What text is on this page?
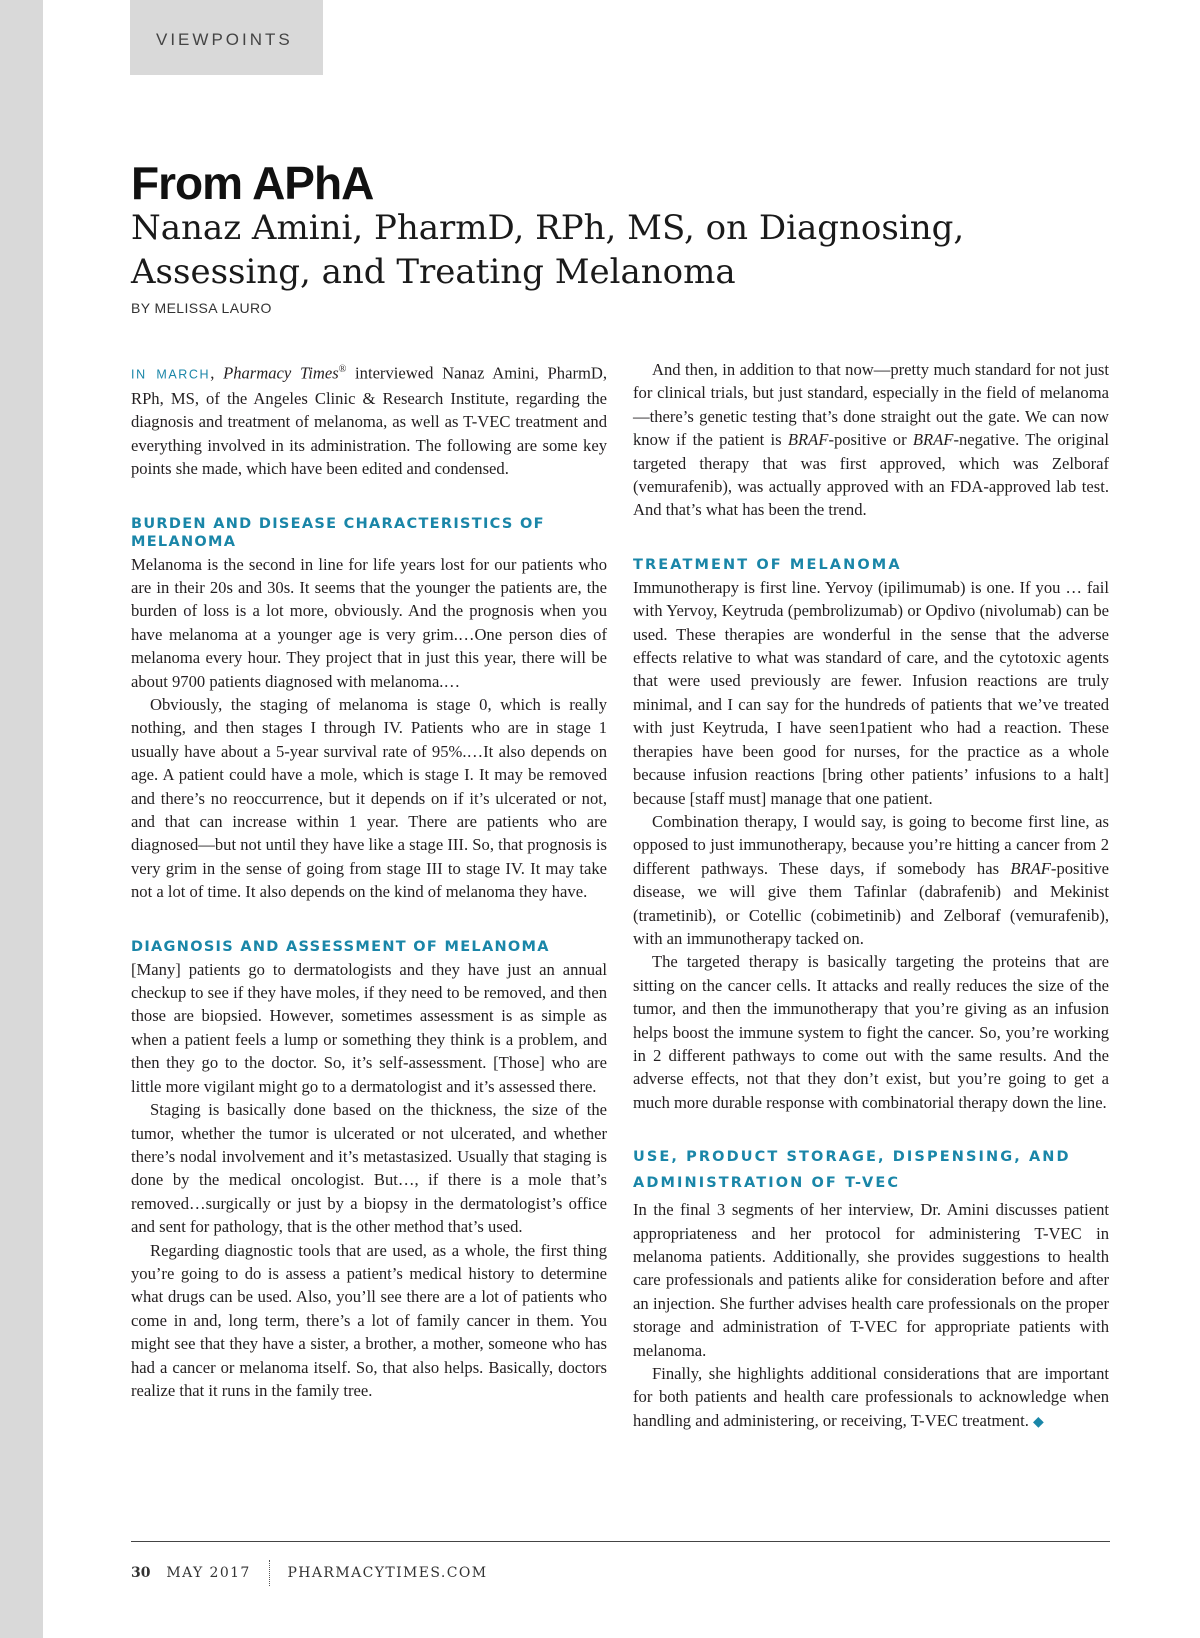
VIEWPOINTS
From APhA
Nanaz Amini, PharmD, RPh, MS, on Diagnosing, Assessing, and Treating Melanoma
BY MELISSA LAURO

IN MARCH, Pharmacy Times® interviewed Nanaz Amini, PharmD, RPh, MS, of the Angeles Clinic & Research Institute, regarding the diagnosis and treatment of melanoma, as well as T-VEC treatment and everything involved in its administration. The following are some key points she made, which have been edited and condensed.

BURDEN AND DISEASE CHARACTERISTICS OF MELANOMA

Melanoma is the second in line for life years lost for our patients who are in their 20s and 30s. It seems that the younger the patients are, the burden of loss is a lot more, obviously. And the prognosis when you have melanoma at a younger age is very grim.…One person dies of melanoma every hour. They project that in just this year, there will be about 9700 patients diagnosed with melanoma.…

Obviously, the staging of melanoma is stage 0, which is really nothing, and then stages I through IV. Patients who are in stage 1 usually have about a 5-year survival rate of 95%.…It also depends on age. A patient could have a mole, which is stage I. It may be removed and there’s no reoccurrence, but it depends on if it’s ulcerated or not, and that can increase within 1 year. There are patients who are diagnosed—but not until they have like a stage III. So, that prognosis is very grim in the sense of going from stage III to stage IV. It may take not a lot of time. It also depends on the kind of melanoma they have.

DIAGNOSIS AND ASSESSMENT OF MELANOMA

[Many] patients go to dermatologists and they have just an annual checkup to see if they have moles, if they need to be removed, and then those are biopsied. However, sometimes assessment is as simple as when a patient feels a lump or something they think is a problem, and then they go to the doctor. So, it’s self-assessment. [Those] who are little more vigilant might go to a dermatologist and it’s assessed there.

Staging is basically done based on the thickness, the size of the tumor, whether the tumor is ulcerated or not ulcerated, and whether there’s nodal involvement and it’s metastasized. Usually that staging is done by the medical oncologist. But…, if there is a mole that’s removed…surgically or just by a biopsy in the dermatologist’s office and sent for pathology, that is the other method that’s used.

Regarding diagnostic tools that are used, as a whole, the first thing you’re going to do is assess a patient’s medical history to determine what drugs can be used. Also, you’ll see there are a lot of patients who come in and, long term, there’s a lot of family cancer in them. You might see that they have a sister, a brother, a mother, someone who has had a cancer or melanoma itself. So, that also helps. Basically, doctors realize that it runs in the family tree.

And then, in addition to that now—pretty much standard for not just for clinical trials, but just standard, especially in the field of melanoma—there’s genetic testing that’s done straight out the gate. We can now know if the patient is BRAF-positive or BRAF-negative. The original targeted therapy that was first approved, which was Zelboraf (vemurafenib), was actually approved with an FDA-approved lab test. And that’s what has been the trend.

TREATMENT OF MELANOMA

Immunotherapy is first line. Yervoy (ipilimumab) is one. If you … fail with Yervoy, Keytruda (pembrolizumab) or Opdivo (nivolumab) can be used. These therapies are wonderful in the sense that the adverse effects relative to what was standard of care, and the cytotoxic agents that were used previously are fewer. Infusion reactions are truly minimal, and I can say for the hundreds of patients that we’ve treated with just Keytruda, I have seen1patient who had a reaction. These therapies have been good for nurses, for the practice as a whole because infusion reactions [bring other patients’ infusions to a halt] because [staff must] manage that one patient.

Combination therapy, I would say, is going to become first line, as opposed to just immunotherapy, because you’re hitting a cancer from 2 different pathways. These days, if somebody has BRAF-positive disease, we will give them Tafinlar (dabrafenib) and Mekinist (trametinib), or Cotellic (cobimetinib) and Zelboraf (vemurafenib), with an immunotherapy tacked on.

The targeted therapy is basically targeting the proteins that are sitting on the cancer cells. It attacks and really reduces the size of the tumor, and then the immunotherapy that you’re giving as an infusion helps boost the immune system to fight the cancer. So, you’re working in 2 different pathways to come out with the same results. And the adverse effects, not that they don’t exist, but you’re going to get a much more durable response with combinatorial therapy down the line.

USE, PRODUCT STORAGE, DISPENSING, AND ADMINISTRATION OF T-VEC

In the final 3 segments of her interview, Dr. Amini discusses patient appropriateness and her protocol for administering T-VEC in melanoma patients. Additionally, she provides suggestions to health care professionals and patients alike for consideration before and after an injection. She further advises health care professionals on the proper storage and administration of T-VEC for appropriate patients with melanoma.

Finally, she highlights additional considerations that are important for both patients and health care professionals to acknowledge when handling and administering, or receiving, T-VEC treatment. ◆

30 MAY 2017	PHARMACYTIMES.COM
